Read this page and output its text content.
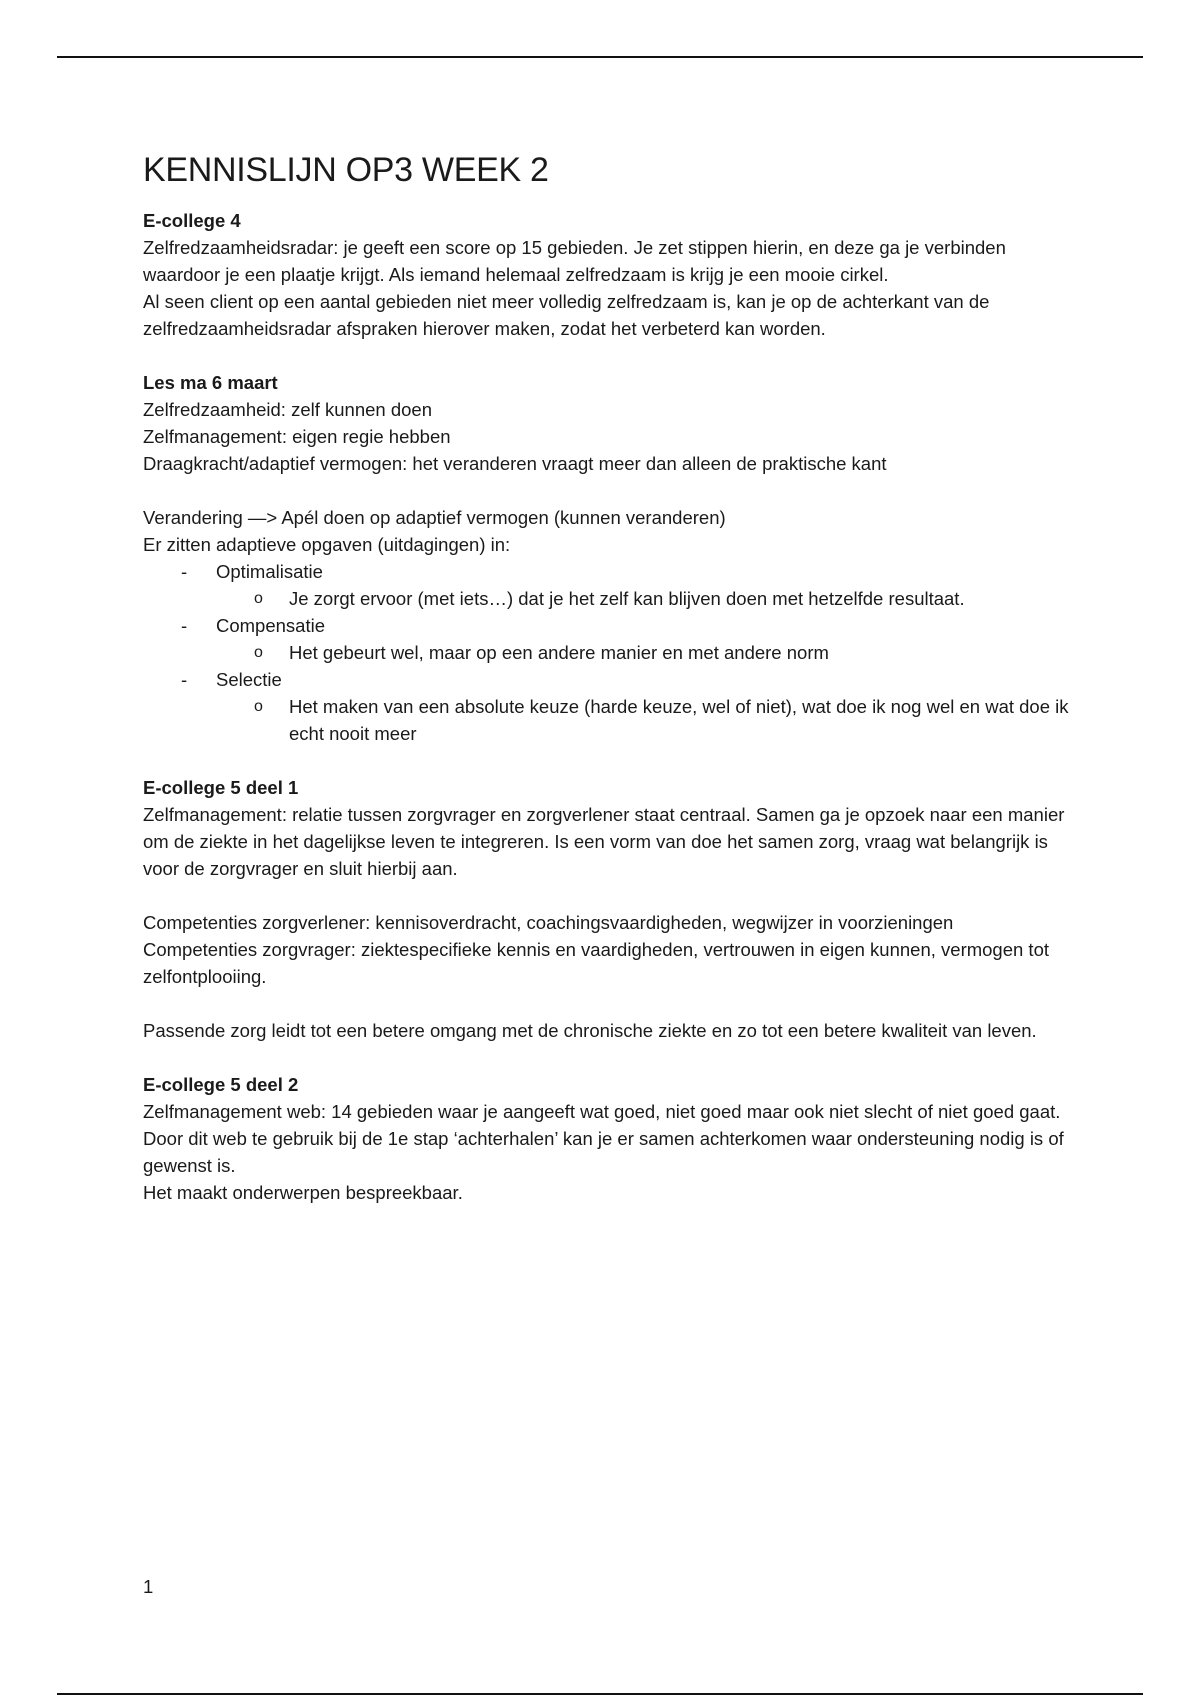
KENNISLIJN OP3 WEEK 2

E-college 4

Zelfredzaamheidsradar: je geeft een score op 15 gebieden. Je zet stippen hierin, en deze ga je verbinden waardoor je een plaatje krijgt. Als iemand helemaal zelfredzaam is krijg je een mooie cirkel.

Al seen client op een aantal gebieden niet meer volledig zelfredzaam is, kan je op de achterkant van de zelfredzaamheidsradar afspraken hierover maken, zodat het verbeterd kan worden.

Les ma 6 maart

Zelfredzaamheid: zelf kunnen doen

Zelfmanagement: eigen regie hebben

Draagkracht/adaptief vermogen: het veranderen vraagt meer dan alleen de praktische kant

Verandering —> Apél doen op adaptief vermogen (kunnen veranderen)

Er zitten adaptieve opgaven (uitdagingen) in:

- Optimalisatie
o Je zorgt ervoor (met iets…) dat je het zelf kan blijven doen met hetzelfde resultaat.
- Compensatie
o Het gebeurt wel, maar op een andere manier en met andere norm
- Selectie
o Het maken van een absolute keuze (harde keuze, wel of niet), wat doe ik nog wel en wat doe ik echt nooit meer

E-college 5 deel 1

Zelfmanagement: relatie tussen zorgvrager en zorgverlener staat centraal. Samen ga je opzoek naar een manier om de ziekte in het dagelijkse leven te integreren. Is een vorm van doe het samen zorg, vraag wat belangrijk is voor de zorgvrager en sluit hierbij aan.

Competenties zorgverlener: kennisoverdracht, coachingsvaardigheden, wegwijzer in voorzieningen

Competenties zorgvrager: ziektespecifieke kennis en vaardigheden, vertrouwen in eigen kunnen, vermogen tot zelfontplooiing.

Passende zorg leidt tot een betere omgang met de chronische ziekte en zo tot een betere kwaliteit van leven.

E-college 5 deel 2

Zelfmanagement web: 14 gebieden waar je aangeeft wat goed, niet goed maar ook niet slecht of niet goed gaat. Door dit web te gebruik bij de 1e stap ‘achterhalen’ kan je er samen achterkomen waar ondersteuning nodig is of gewenst is.

Het maakt onderwerpen bespreekbaar.

1
